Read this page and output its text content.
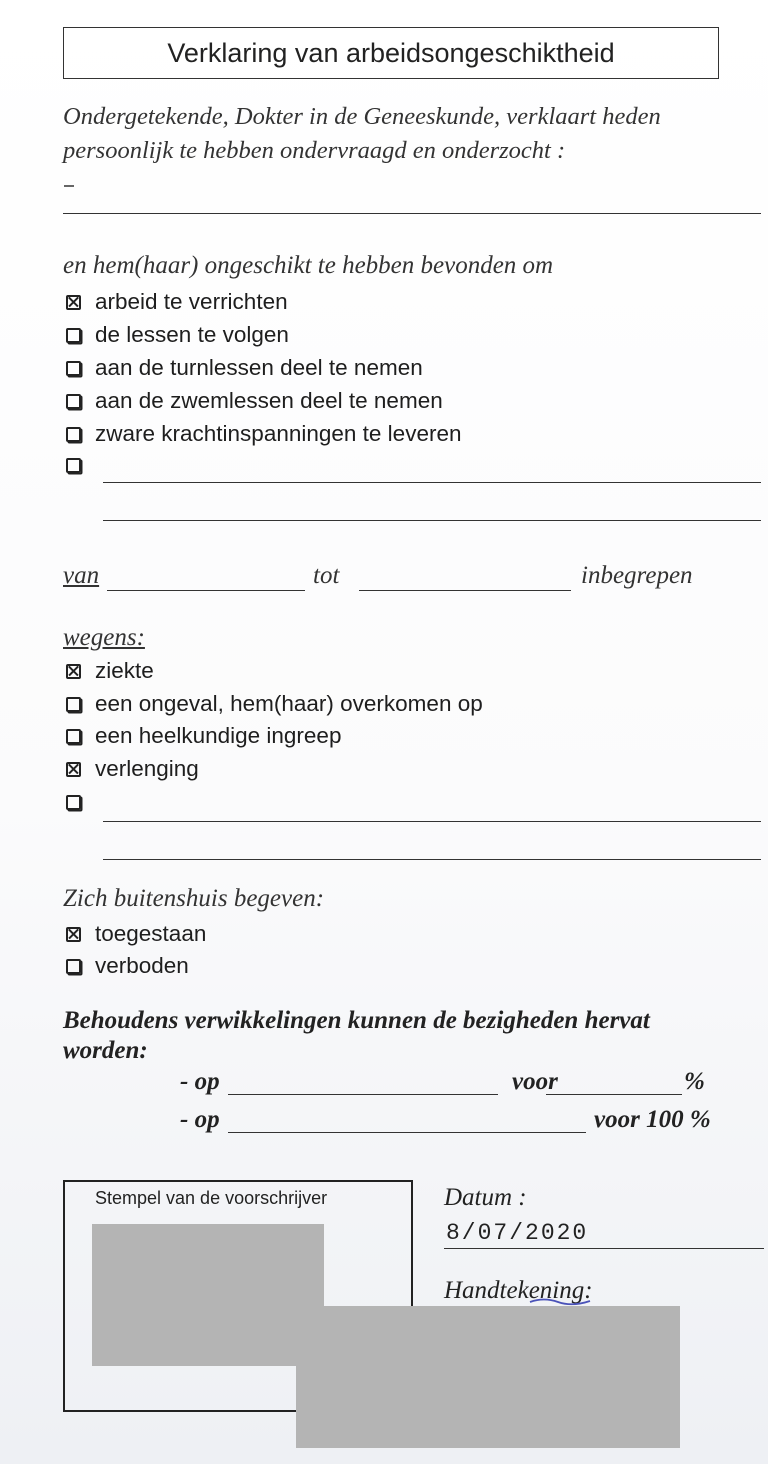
Verklaring van arbeidsongeschiktheid
Ondergetekende, Dokter in de Geneeskunde, verklaart heden persoonlijk te hebben ondervraagd en onderzocht :
en hem(haar) ongeschikt te hebben bevonden om
arbeid te verrichten
de lessen te volgen
aan de turnlessen deel te nemen
aan de zwemlessen deel te nemen
zware krachtinspanningen te leveren
van	tot	inbegrepen
wegens:
ziekte
een ongeval, hem(haar) overkomen op
een heelkundige ingreep
verlenging
Zich buitenshuis begeven:
toegestaan
verboden
Behoudens verwikkelingen kunnen de bezigheden hervat worden:
- op	voor	%
- op	voor 100 %
Stempel van de voorschrijver	Datum :
8/07/2020
Handtekening:
